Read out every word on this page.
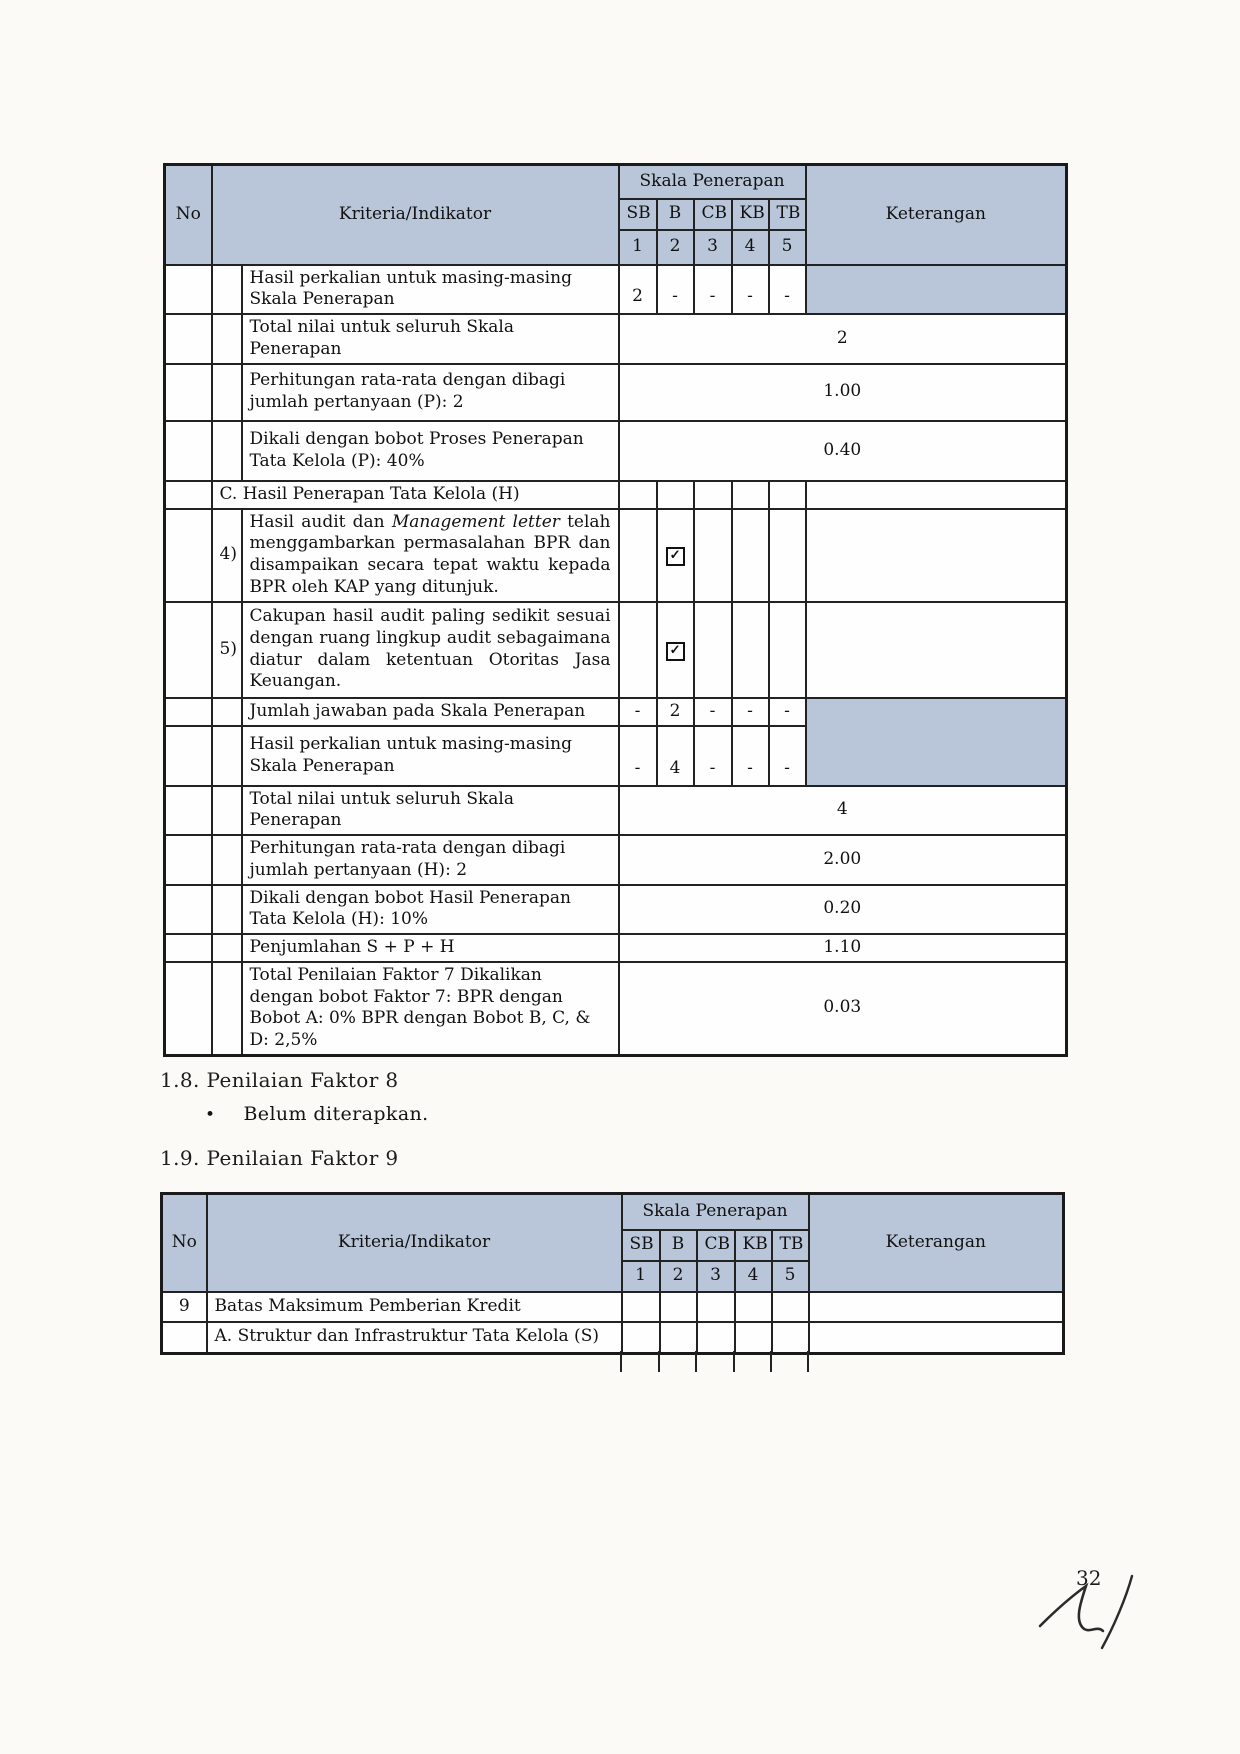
No	Kriteria/Indikator		Skala Penerapan					Keterangan
			SB	B	CB	KB	TB	
			1	2	3	4	5	
		Hasil perkalian untuk masing-masing Skala Penerapan	2	-	-	-	-	
		Total nilai untuk seluruh Skala Penerapan	2					
		Perhitungan rata-rata dengan dibagi jumlah pertanyaan (P): 2	1.00					
		Dikali dengan bobot Proses Penerapan Tata Kelola (P): 40%	0.40					
	C. Hasil Penerapan Tata Kelola (H)							
	4)	Hasil audit dan Management letter telah menggambarkan permasalahan BPR dan disampaikan secara tepat waktu kepada BPR oleh KAP yang ditunjuk.		✓				
	5)	Cakupan hasil audit paling sedikit sesuai dengan ruang lingkup audit sebagaimana diatur dalam ketentuan Otoritas Jasa Keuangan.		✓				
		Jumlah jawaban pada Skala Penerapan	-	2	-	-	-	
		Hasil perkalian untuk masing-masing Skala Penerapan	-	4	-	-	-	
		Total nilai untuk seluruh Skala Penerapan	4					
		Perhitungan rata-rata dengan dibagi jumlah pertanyaan (H): 2	2.00					
		Dikali dengan bobot Hasil Penerapan Tata Kelola (H): 10%	0.20					
		Penjumlahan S + P + H	1.10					
		Total Penilaian Faktor 7 Dikalikan dengan bobot Faktor 7: BPR dengan Bobot A: 0% BPR dengan Bobot B, C, & D: 2,5%	0.03					
1.8. Penilaian Faktor 8
• Belum diterapkan.
1.9. Penilaian Faktor 9
No	Kriteria/Indikator	Skala Penerapan					Keterangan
		SB	B	CB	KB	TB	
		1	2	3	4	5	
9	Batas Maksimum Pemberian Kredit						
	A. Struktur dan Infrastruktur Tata Kelola (S)						
32
